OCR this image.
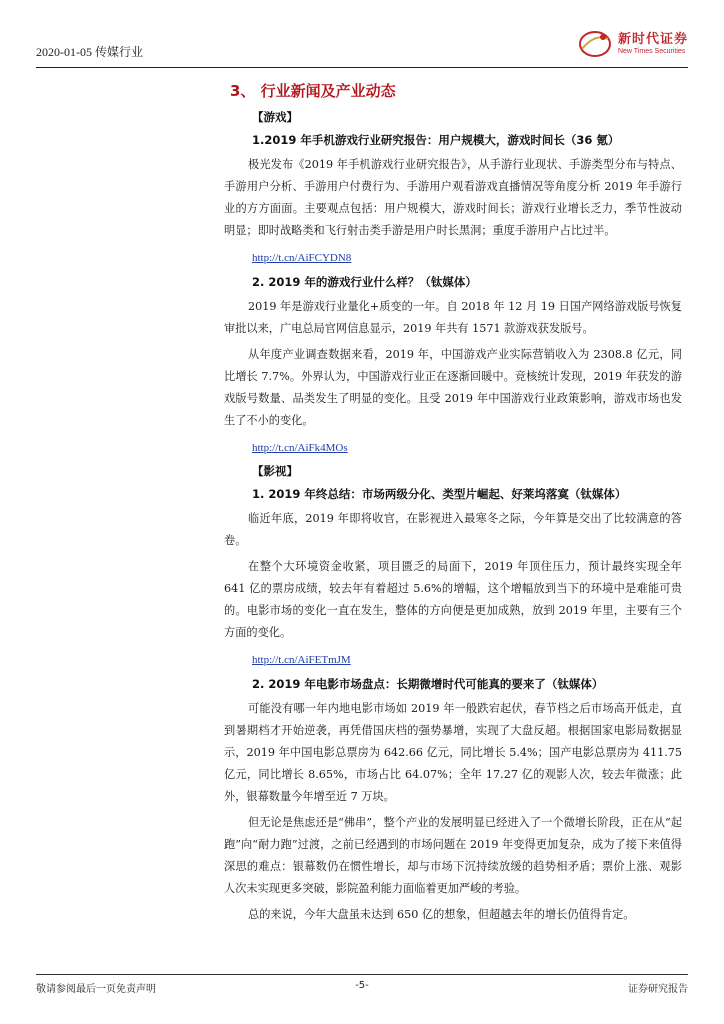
2020-01-05 传媒行业
新时代证券
New Times Securities
3、 行业新闻及产业动态
【游戏】
1.2019 年手机游戏行业研究报告：用户规模大，游戏时间长（36 氪）

极光发布《2019 年手机游戏行业研究报告》，从手游行业现状、手游类型分布与特点、手游用户分析、手游用户付费行为、手游用户观看游戏直播情况等角度分析 2019 年手游行业的方方面面。主要观点包括：用户规模大，游戏时间长；游戏行业增长乏力，季节性波动明显；即时战略类和飞行射击类手游是用户时长黑洞；重度手游用户占比过半。

http://t.cn/AiFCYDN8
2. 2019 年的游戏行业什么样？（钛媒体）

2019 年是游戏行业量化+质变的一年。自 2018 年 12 月 19 日国产网络游戏版号恢复审批以来，广电总局官网信息显示，2019 年共有 1571 款游戏获发版号。

从年度产业调查数据来看，2019 年，中国游戏产业实际营销收入为 2308.8 亿元，同比增长 7.7%。外界认为，中国游戏行业正在逐渐回暖中。竞核统计发现，2019 年获发的游戏版号数量、品类发生了明显的变化。且受 2019 年中国游戏行业政策影响，游戏市场也发生了不小的变化。

http://t.cn/AiFk4MOs
【影视】
1. 2019 年终总结：市场两级分化、类型片崛起、好莱坞落寞（钛媒体）

临近年底，2019 年即将收官，在影视进入最寒冬之际，今年算是交出了比较满意的答卷。

在整个大环境资金收紧，项目匮乏的局面下，2019 年顶住压力，预计最终实现全年 641 亿的票房成绩，较去年有着超过 5.6%的增幅，这个增幅放到当下的环境中是难能可贵的。电影市场的变化一直在发生，整体的方向便是更加成熟，放到 2019 年里，主要有三个方面的变化。

http://t.cn/AiFETmJM
2. 2019 年电影市场盘点：长期微增时代可能真的要来了（钛媒体）

可能没有哪一年内地电影市场如 2019 年一般跌宕起伏，春节档之后市场高开低走，直到暑期档才开始逆袭，再凭借国庆档的强势暴增，实现了大盘反超。根据国家电影局数据显示，2019 年中国电影总票房为 642.66 亿元，同比增长 5.4%；国产电影总票房为 411.75 亿元，同比增长 8.65%，市场占比 64.07%；全年 17.27 亿的观影人次，较去年微涨；此外，银幕数量今年增至近 7 万块。

但无论是焦虑还是“佛串”，整个产业的发展明显已经进入了一个微增长阶段，正在从“起跑”向“耐力跑”过渡，之前已经遇到的市场问题在 2019 年变得更加复杂，成为了接下来值得深思的难点：银幕数仍在惯性增长，却与市场下沉持续放缓的趋势相矛盾；票价上涨、观影人次未实现更多突破，影院盈利能力面临着更加严峻的考验。

总的来说，今年大盘虽未达到 650 亿的想象，但超越去年的增长仍值得肯定。

敬请参阅最后一页免责声明	-5-	证券研究报告
